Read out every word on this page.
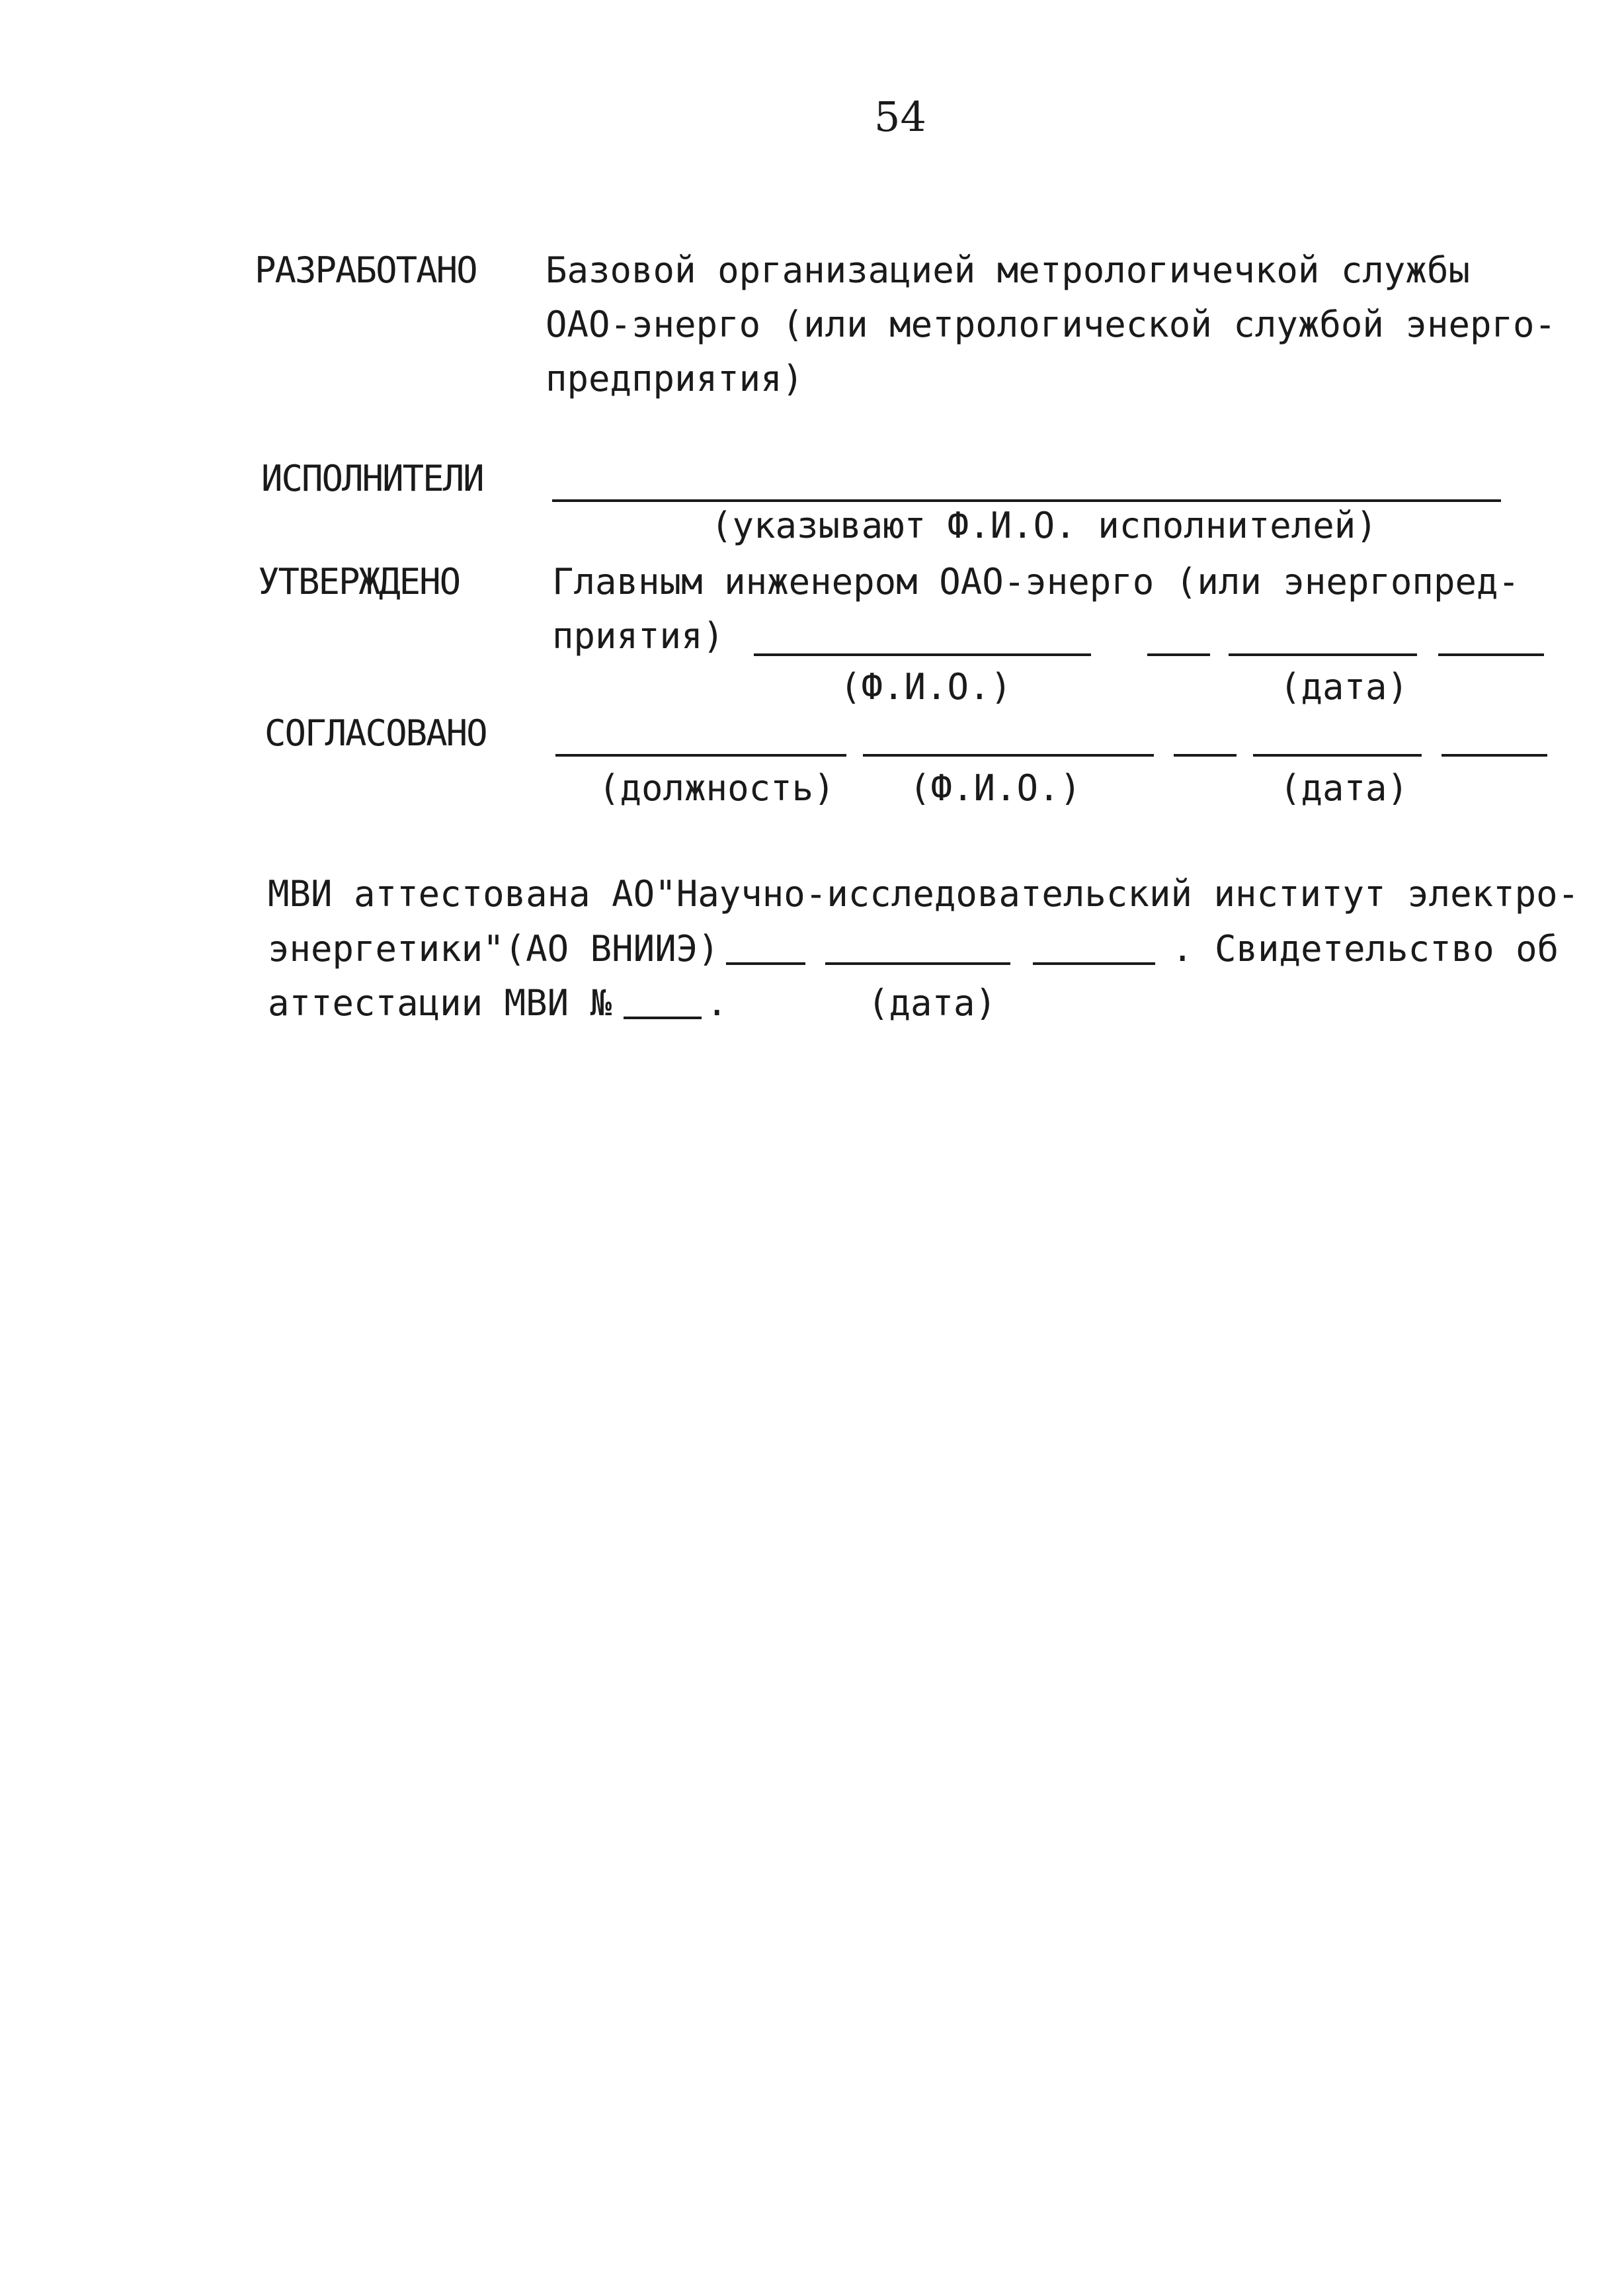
54
РАЗРАБОТАНО Базовой организацией метрологичечкой службы
ОАО-энерго (или метрологической службой энерго-
предприятия)
ИСПОЛНИТЕЛИ
(указывают Ф.И.О. исполнителей)
УТВЕРЖДЕНО	Главным инженером ОАО-энерго (или энергопред-
приятия)
(Ф.И.О.)	(дата)
СОГЛАСОВАНО
(должность) (Ф.И.О.)	(дата)
МВИ аттестована АО"Научно-исследовательский институт электро-
энергетики"(АО ВНИИЭ)	. Свидетельство об
аттестации МВИ №	.	(дата)
